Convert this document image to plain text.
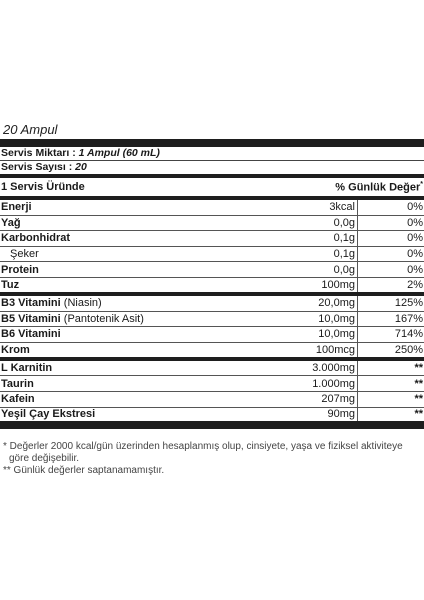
20 Ampul
Servis Miktarı : 1 Ampul (60 mL)
Servis Sayısı : 20
1 Servis Üründe	% Günlük Değer*
Enerji	3kcal	0%
Yağ	0,0g	0%
Karbonhidrat	0,1g	0%
Şeker	0,1g	0%
Protein	0,0g	0%
Tuz	100mg	2%
B3 Vitamini (Niasin)	20,0mg	125%
B5 Vitamini (Pantotenik Asit)	10,0mg	167%
B6 Vitamini	10,0mg	714%
Krom	100mcg	250%
L Karnitin	3.000mg	**
Taurin	1.000mg	**
Kafein	207mg	**
Yeşil Çay Ekstresi	90mg	**

* Değerler 2000 kcal/gün üzerinden hesaplanmış olup, cinsiyete, yaşa ve fiziksel aktiviteye

göre değişebilir.

** Günlük değerler saptanamamıştır.
